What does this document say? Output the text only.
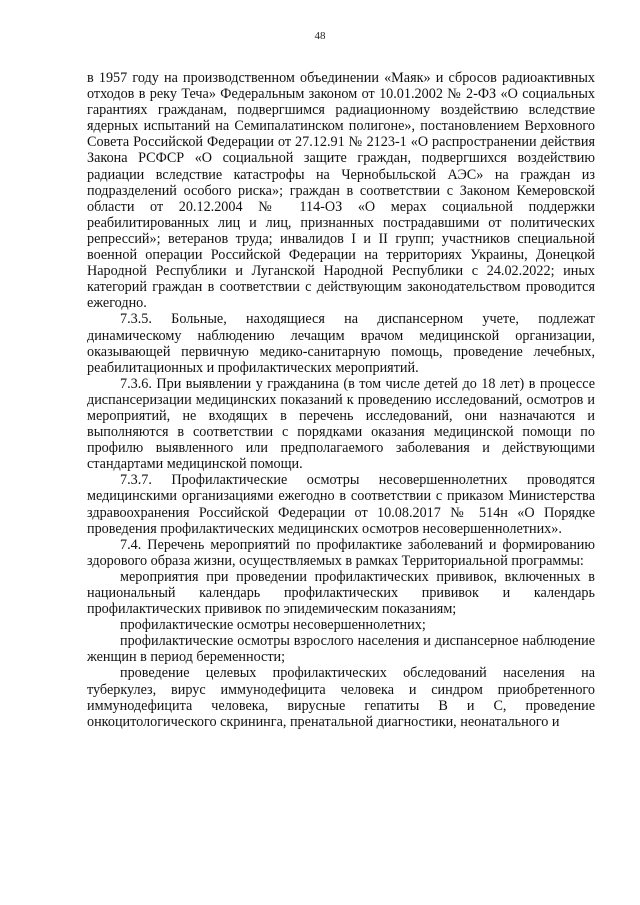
48

в 1957 году на производственном объединении «Маяк» и сбросов радиоактивных отходов в реку Теча» Федеральным законом от 10.01.2002 № 2-ФЗ «О социальных гарантиях гражданам, подвергшимся радиационному воздействию вследствие ядерных испытаний на Семипалатинском полигоне», постановлением Верховного Совета Российской Федерации от 27.12.91 № 2123-1 «О распространении действия Закона РСФСР «О социальной защите граждан, подвергшихся воздействию радиации вследствие катастрофы на Чернобыльской АЭС» на граждан из подразделений особого риска»; граждан в соответствии с Законом Кемеровской области от 20.12.2004 № 114-ОЗ «О мерах социальной поддержки реабилитированных лиц и лиц, признанных пострадавшими от политических репрессий»; ветеранов труда; инвалидов I и II групп; участников специальной военной операции Российской Федерации на территориях Украины, Донецкой Народной Республики и Луганской Народной Республики с 24.02.2022; иных категорий граждан в соответствии с действующим законодательством проводится ежегодно.

7.3.5. Больные, находящиеся на диспансерном учете, подлежат динамическому наблюдению лечащим врачом медицинской организации, оказывающей первичную медико-санитарную помощь, проведение лечебных, реабилитационных и профилактических мероприятий.

7.3.6. При выявлении у гражданина (в том числе детей до 18 лет) в процессе диспансеризации медицинских показаний к проведению исследований, осмотров и мероприятий, не входящих в перечень исследований, они назначаются и выполняются в соответствии с порядками оказания медицинской помощи по профилю выявленного или предполагаемого заболевания и действующими стандартами медицинской помощи.

7.3.7. Профилактические осмотры несовершеннолетних проводятся медицинскими организациями ежегодно в соответствии с приказом Министерства здравоохранения Российской Федерации от 10.08.2017 № 514н «О Порядке проведения профилактических медицинских осмотров несовершеннолетних».

7.4. Перечень мероприятий по профилактике заболеваний и формированию здорового образа жизни, осуществляемых в рамках Территориальной программы:

мероприятия при проведении профилактических прививок, включенных в национальный календарь профилактических прививок и календарь профилактических прививок по эпидемическим показаниям;

профилактические осмотры несовершеннолетних;

профилактические осмотры взрослого населения и диспансерное наблюдение женщин в период беременности;

проведение целевых профилактических обследований населения на туберкулез, вирус иммунодефицита человека и синдром приобретенного иммунодефицита человека, вирусные гепатиты В и С, проведение онкоцитологического скрининга, пренатальной диагностики, неонатального и
